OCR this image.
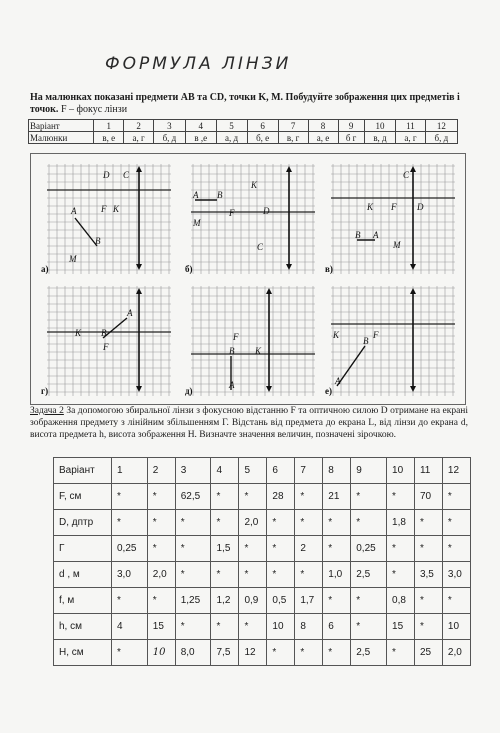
ФОРМУЛА ЛІНЗИ
На малюнках показані предмети AB та CD, точки K, M. Побудуйте зображення цих предметів і точок. F – фокус лінзи
Варіант	1	2	3	4	5	6	7	8	9	10	11	12
Малюнки	в, е	а, г	б, д	в ,е	а, д	б, е	в, г	а, е	б г	в, д	а, г	б, д
A
B
C
D
F K
M
а)
A B
C
D
F
K
M
б)
A
B
C
D
F
K
M
в)
A
B
F
K
г)
A
B
F
K
д)
A
B
F
K
е)
Задача 2 За допомогою збиральної лінзи з фокусною відстанню F та оптичною силою D отримане на екрані зображення предмету з лінійним збільшенням Г. Відстань від предмета до екрана L, від лінзи до екрана d, висота предмета h, висота зображення H. Визначте значення величин, позначені зірочкою.
Варіант	1	2	3	4	5	6	7	8	9	10	11	12
F, см	*	*	62,5	*	*	28	*	21	*	*	70	*
D, дптр	*	*	*	*	2,0	*	*	*	*	1,8	*	*
Г	0,25	*	*	1,5	*	*	2	*	0,25	*	*	*
d , м	3,0	2,0	*	*	*	*	*	1,0	2,5	*	3,5	3,0
f, м	*	*	1,25	1,2	0,9	0,5	1,7	*	*	0,8	*	*
h, см	4	15	*	*	*	10	8	6	*	15	*	10
H, см	*	10	8,0	7,5	12	*	*	*	2,5	*	25	2,0
